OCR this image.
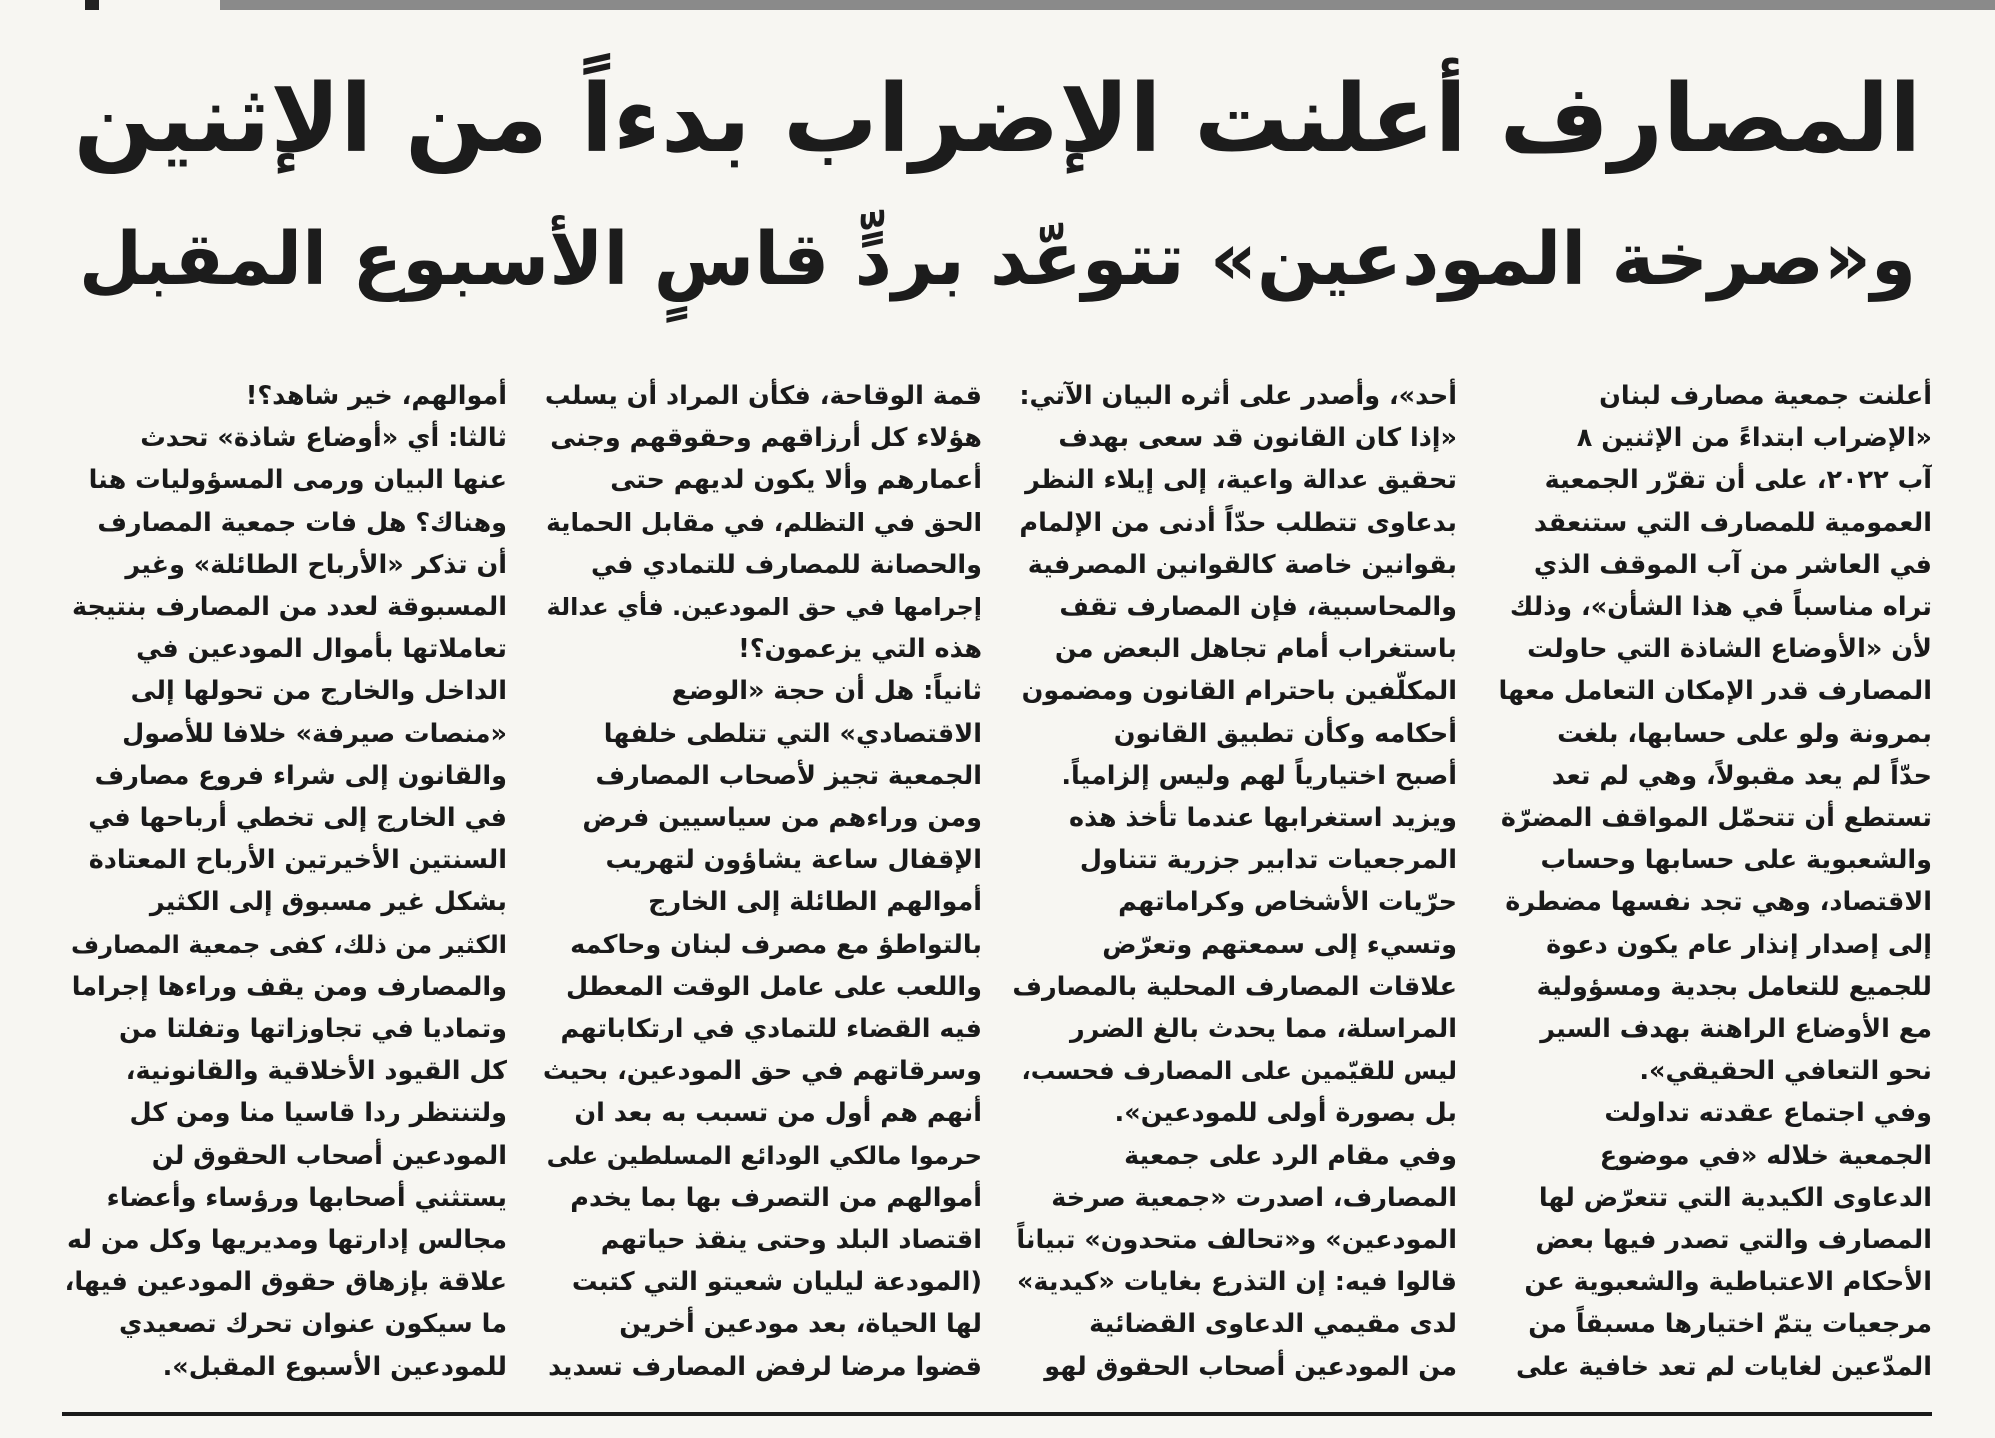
المصارف أعلنت الإضراب بدءاً من الإثنين
و«صرخة المودعين» تتوعّد بردٍّ قاسٍ الأسبوع المقبل
أعلنت جمعية مصارف لبنان
«الإضراب ابتداءً من الإثنين ٨
آب ٢٠٢٢، على أن تقرّر الجمعية
العمومية للمصارف التي ستنعقد
في العاشر من آب الموقف الذي
تراه مناسباً في هذا الشأن»، وذلك
لأن «الأوضاع الشاذة التي حاولت
المصارف قدر الإمكان التعامل معها
بمرونة ولو على حسابها، بلغت
حدّاً لم يعد مقبولاً، وهي لم تعد
تستطع أن تتحمّل المواقف المضرّة
والشعبوية على حسابها وحساب
الاقتصاد، وهي تجد نفسها مضطرة
إلى إصدار إنذار عام يكون دعوة
للجميع للتعامل بجدية ومسؤولية
مع الأوضاع الراهنة بهدف السير
نحو التعافي الحقيقي».
وفي اجتماع عقدته تداولت
الجمعية خلاله «في موضوع
الدعاوى الكيدية التي تتعرّض لها
المصارف والتي تصدر فيها بعض
الأحكام الاعتباطية والشعبوية عن
مرجعيات يتمّ اختيارها مسبقاً من
المدّعين لغايات لم تعد خافية على
أحد»، وأصدر على أثره البيان الآتي:
«إذا كان القانون قد سعى بهدف
تحقيق عدالة واعية، إلى إيلاء النظر
بدعاوى تتطلب حدّاً أدنى من الإلمام
بقوانين خاصة كالقوانين المصرفية
والمحاسبية، فإن المصارف تقف
باستغراب أمام تجاهل البعض من
المكلّفين باحترام القانون ومضمون
أحكامه وكأن تطبيق القانون
أصبح اختيارياً لهم وليس إلزامياً.
ويزيد استغرابها عندما تأخذ هذه
المرجعيات تدابير جزرية تتناول
حرّيات الأشخاص وكراماتهم
وتسيء إلى سمعتهم وتعرّض
علاقات المصارف المحلية بالمصارف
المراسلة، مما يحدث بالغ الضرر
ليس للقيّمين على المصارف فحسب،
بل بصورة أولى للمودعين».
وفي مقام الرد على جمعية
المصارف، اصدرت «جمعية صرخة
المودعين» و«تحالف متحدون» تبياناً
قالوا فيه: إن التذرع بغايات «كيدية»
لدى مقيمي الدعاوى القضائية
من المودعين أصحاب الحقوق لهو
قمة الوقاحة، فكأن المراد أن يسلب
هؤلاء كل أرزاقهم وحقوقهم وجنى
أعمارهم وألا يكون لديهم حتى
الحق في التظلم، في مقابل الحماية
والحصانة للمصارف للتمادي في
إجرامها في حق المودعين. فأي عدالة
هذه التي يزعمون؟!
ثانياً: هل أن حجة «الوضع
الاقتصادي» التي تتلطى خلفها
الجمعية تجيز لأصحاب المصارف
ومن وراءهم من سياسيين فرض
الإقفال ساعة يشاؤون لتهريب
أموالهم الطائلة إلى الخارج
بالتواطؤ مع مصرف لبنان وحاكمه
واللعب على عامل الوقت المعطل
فيه القضاء للتمادي في ارتكاباتهم
وسرقاتهم في حق المودعين، بحيث
أنهم هم أول من تسبب به بعد ان
حرموا مالكي الودائع المسلطين على
أموالهم من التصرف بها بما يخدم
اقتصاد البلد وحتى ينقذ حياتهم
(المودعة ليليان شعيتو التي كتبت
لها الحياة، بعد مودعين أخرين
قضوا مرضا لرفض المصارف تسديد
أموالهم، خير شاهد؟!
ثالثا: أي «أوضاع شاذة» تحدث
عنها البيان ورمى المسؤوليات هنا
وهناك؟ هل فات جمعية المصارف
أن تذكر «الأرباح الطائلة» وغير
المسبوقة لعدد من المصارف بنتيجة
تعاملاتها بأموال المودعين في
الداخل والخارج من تحولها إلى
«منصات صيرفة» خلافا للأصول
والقانون إلى شراء فروع مصارف
في الخارج إلى تخطي أرباحها في
السنتين الأخيرتين الأرباح المعتادة
بشكل غير مسبوق إلى الكثير
الكثير من ذلك، كفى جمعية المصارف
والمصارف ومن يقف وراءها إجراما
وتماديا في تجاوزاتها وتفلتا من
كل القيود الأخلاقية والقانونية،
ولتنتظر ردا قاسيا منا ومن كل
المودعين أصحاب الحقوق لن
يستثني أصحابها ورؤساء وأعضاء
مجالس إدارتها ومديريها وكل من له
علاقة بإزهاق حقوق المودعين فيها،
ما سيكون عنوان تحرك تصعيدي
للمودعين الأسبوع المقبل».
